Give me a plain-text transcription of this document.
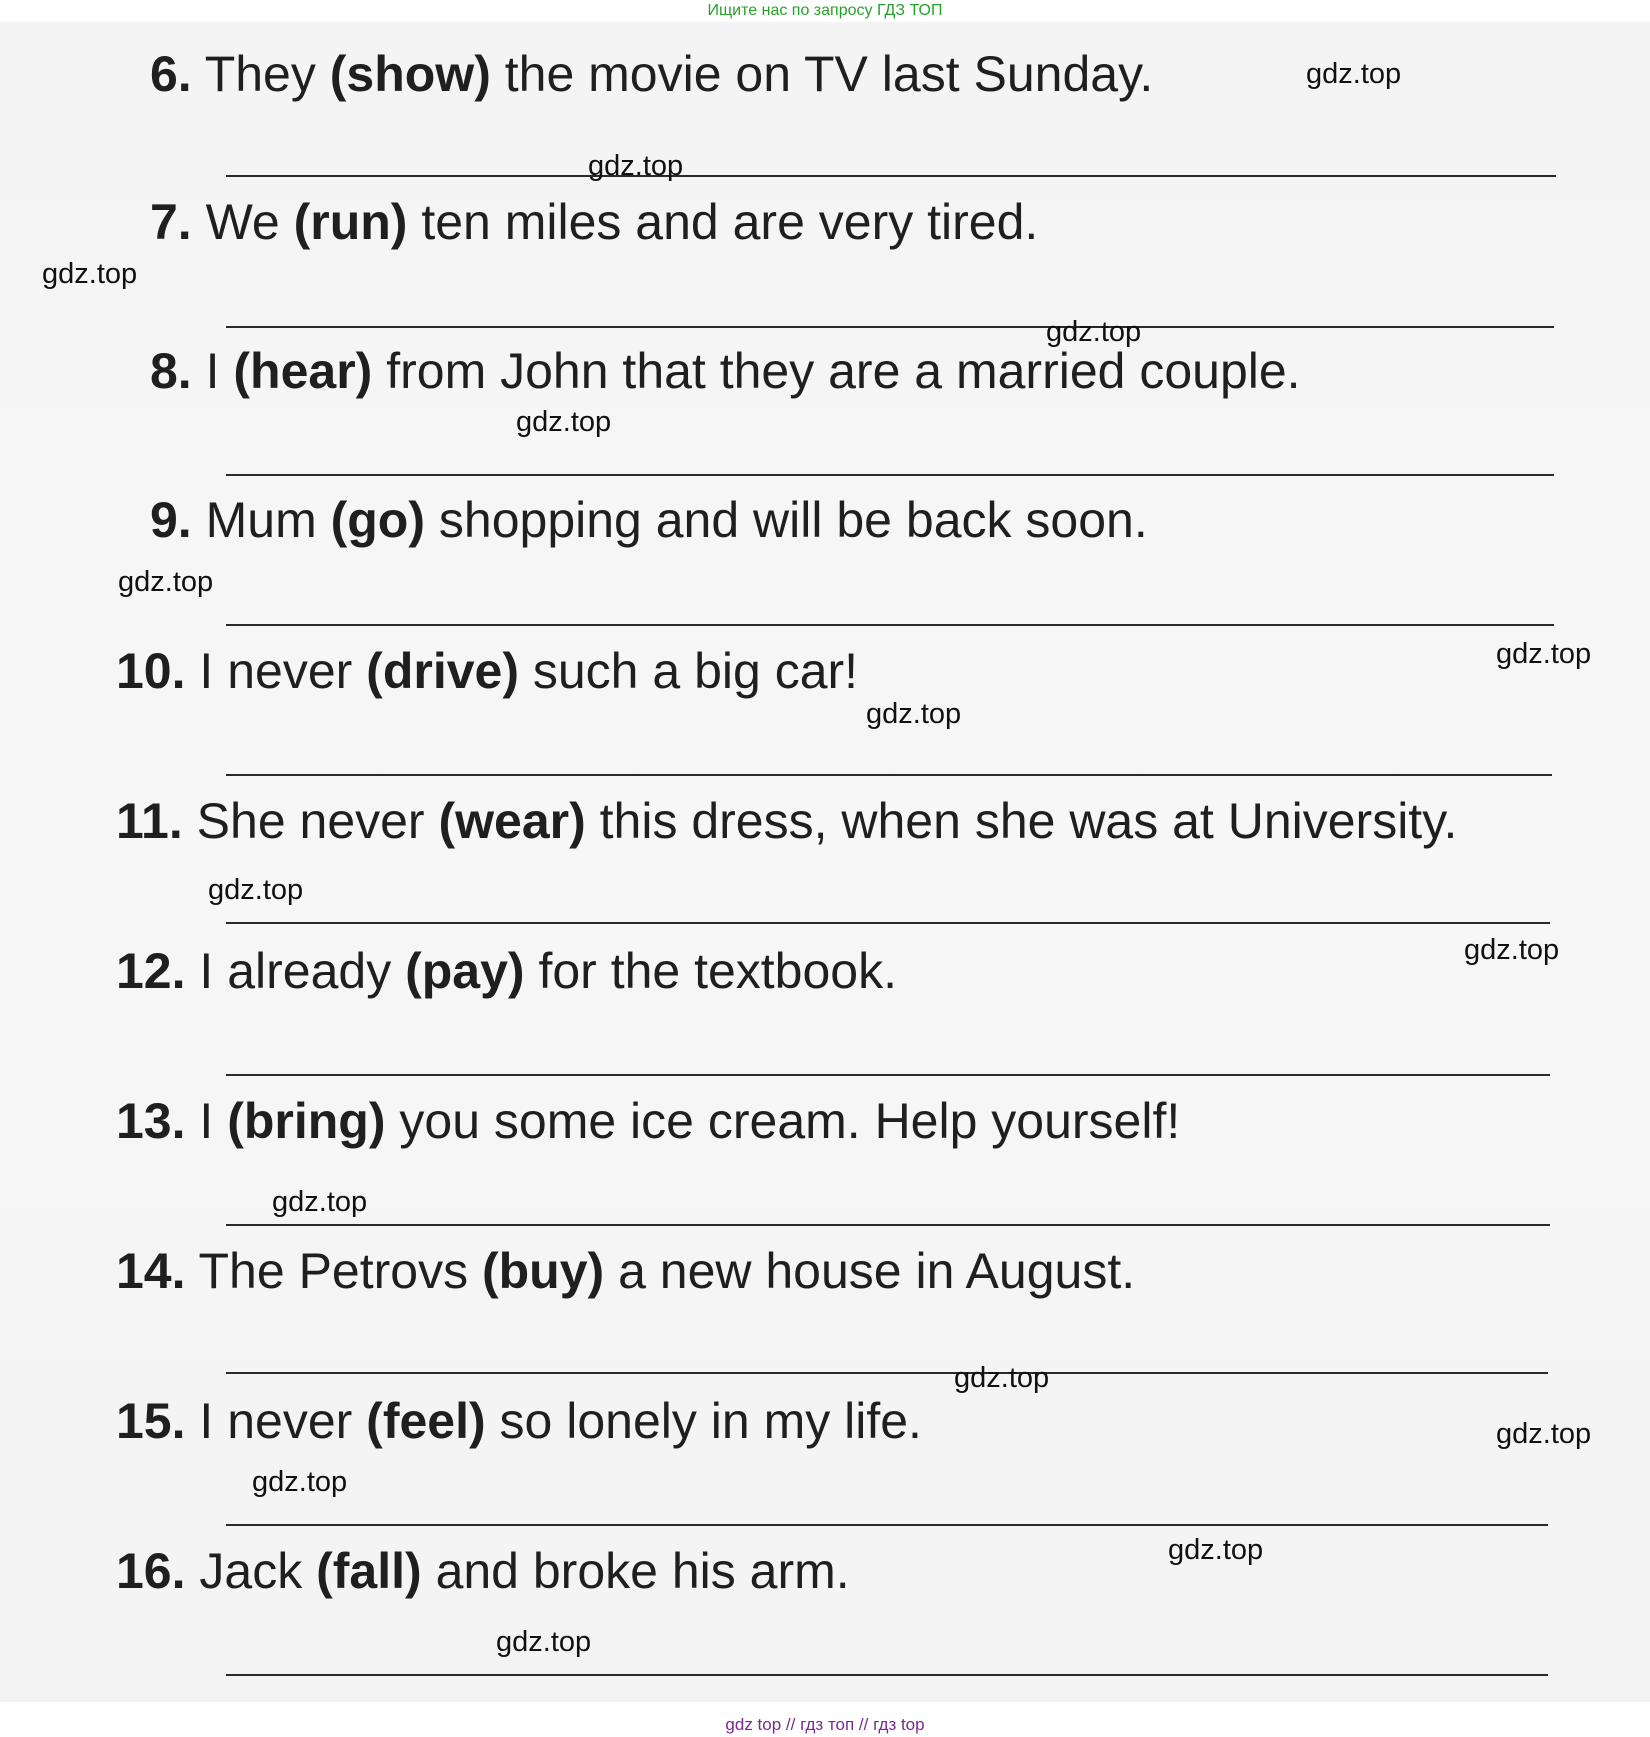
Ищите нас по запросу ГДЗ ТОП
6. They (show) the movie on TV last Sunday.
7. We (run) ten miles and are very tired.
8. I (hear) from John that they are a married couple.
9. Mum (go) shopping and will be back soon.
10. I never (drive) such a big car!
11. She never (wear) this dress, when she was at University.
12. I already (pay) for the textbook.
13. I (bring) you some ice cream. Help yourself!
14. The Petrovs (buy) a new house in August.
15. I never (feel) so lonely in my life.
16. Jack (fall) and broke his arm.
gdz.top
gdz.top
gdz.top
gdz.top
gdz.top
gdz.top
gdz.top
gdz.top
gdz.top
gdz.top
gdz.top
gdz.top
gdz.top
gdz.top
gdz.top
gdz.top
gdz top // гдз топ // гдз top
